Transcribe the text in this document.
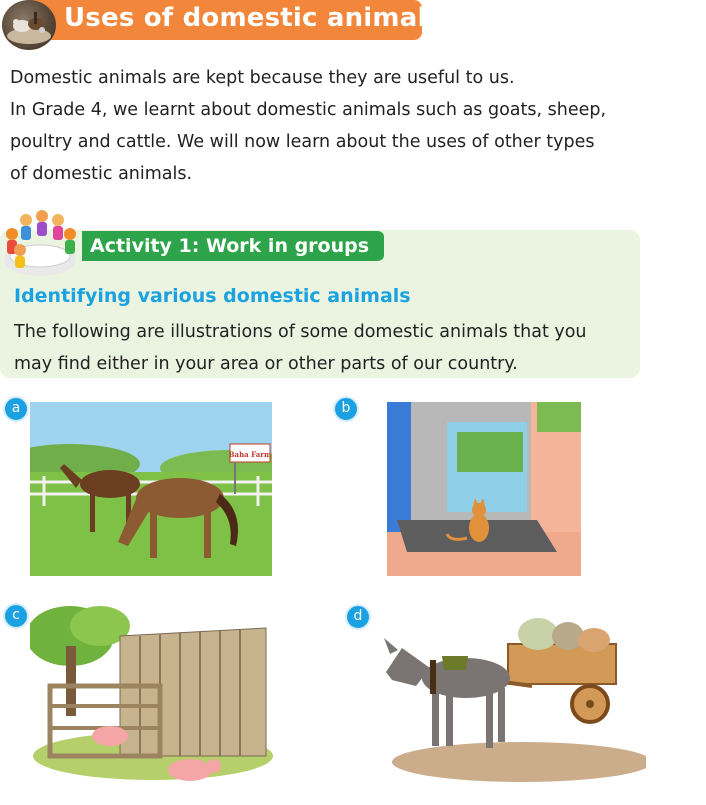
Uses of domestic animals

Domestic animals are kept because they are useful to us.

In Grade 4, we learnt about domestic animals such as goats, sheep,

poultry and cattle. We will now learn about the uses of other types

of domestic animals.

Activity 1: Work in groups
Identifying various domestic animals

The following are illustrations of some domestic animals that you

may find either in your area or other parts of our country.

a
Baha Farm
b
c	d
